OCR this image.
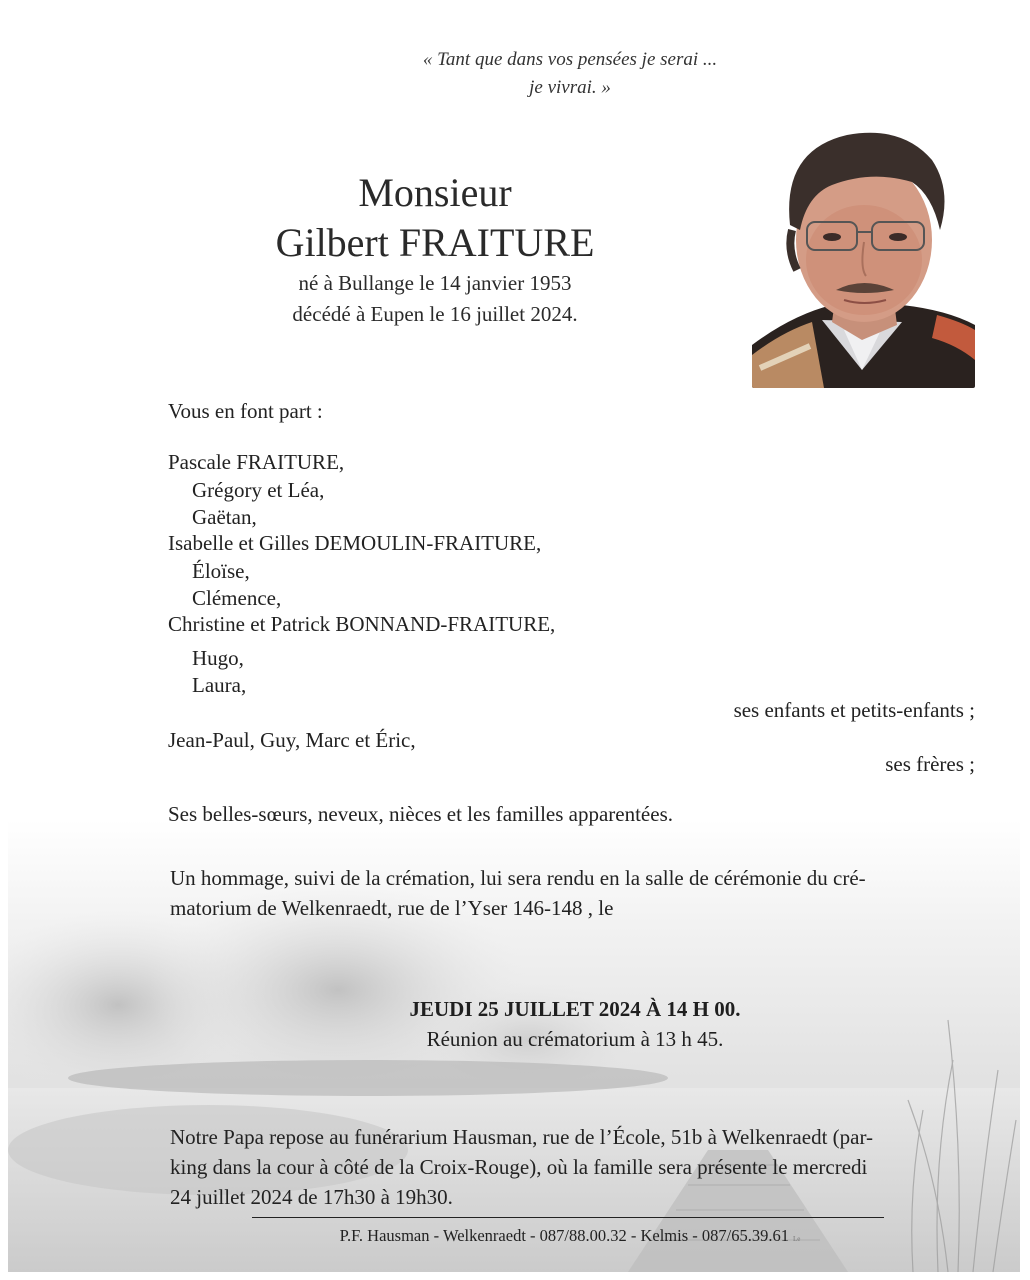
« Tant que dans vos pensées je serai ...
je vivrai. »
Monsieur
Gilbert FRAITURE
né à Bullange le 14 janvier 1953
décédé à Eupen le 16 juillet 2024.
Vous en font part :
Pascale FRAITURE,
Grégory et Léa,
Gaëtan,
Isabelle et Gilles DEMOULIN-FRAITURE,
Éloïse,
Clémence,
Christine et Patrick BONNAND-FRAITURE,
Hugo,
Laura,
ses enfants et petits-enfants ;
Jean-Paul, Guy, Marc et Éric,
ses frères ;
Ses belles-sœurs, neveux, nièces et les familles apparentées.
Un hommage, suivi de la crémation, lui sera rendu en la salle de cérémonie du cré-
matorium de Welkenraedt, rue de l’Yser 146-148 , le
JEUDI 25 JUILLET 2024 À 14 H 00.
Réunion au crématorium à 13 h 45.
Notre Papa repose au funérarium Hausman, rue de l’École, 51b à Welkenraedt (par-
king dans la cour à côté de la Croix-Rouge), où la famille sera présente le mercredi
24 juillet 2024 de 17h30 à 19h30.
P.F. Hausman - Welkenraedt - 087/88.00.32 - Kelmis - 087/65.39.61 Le
